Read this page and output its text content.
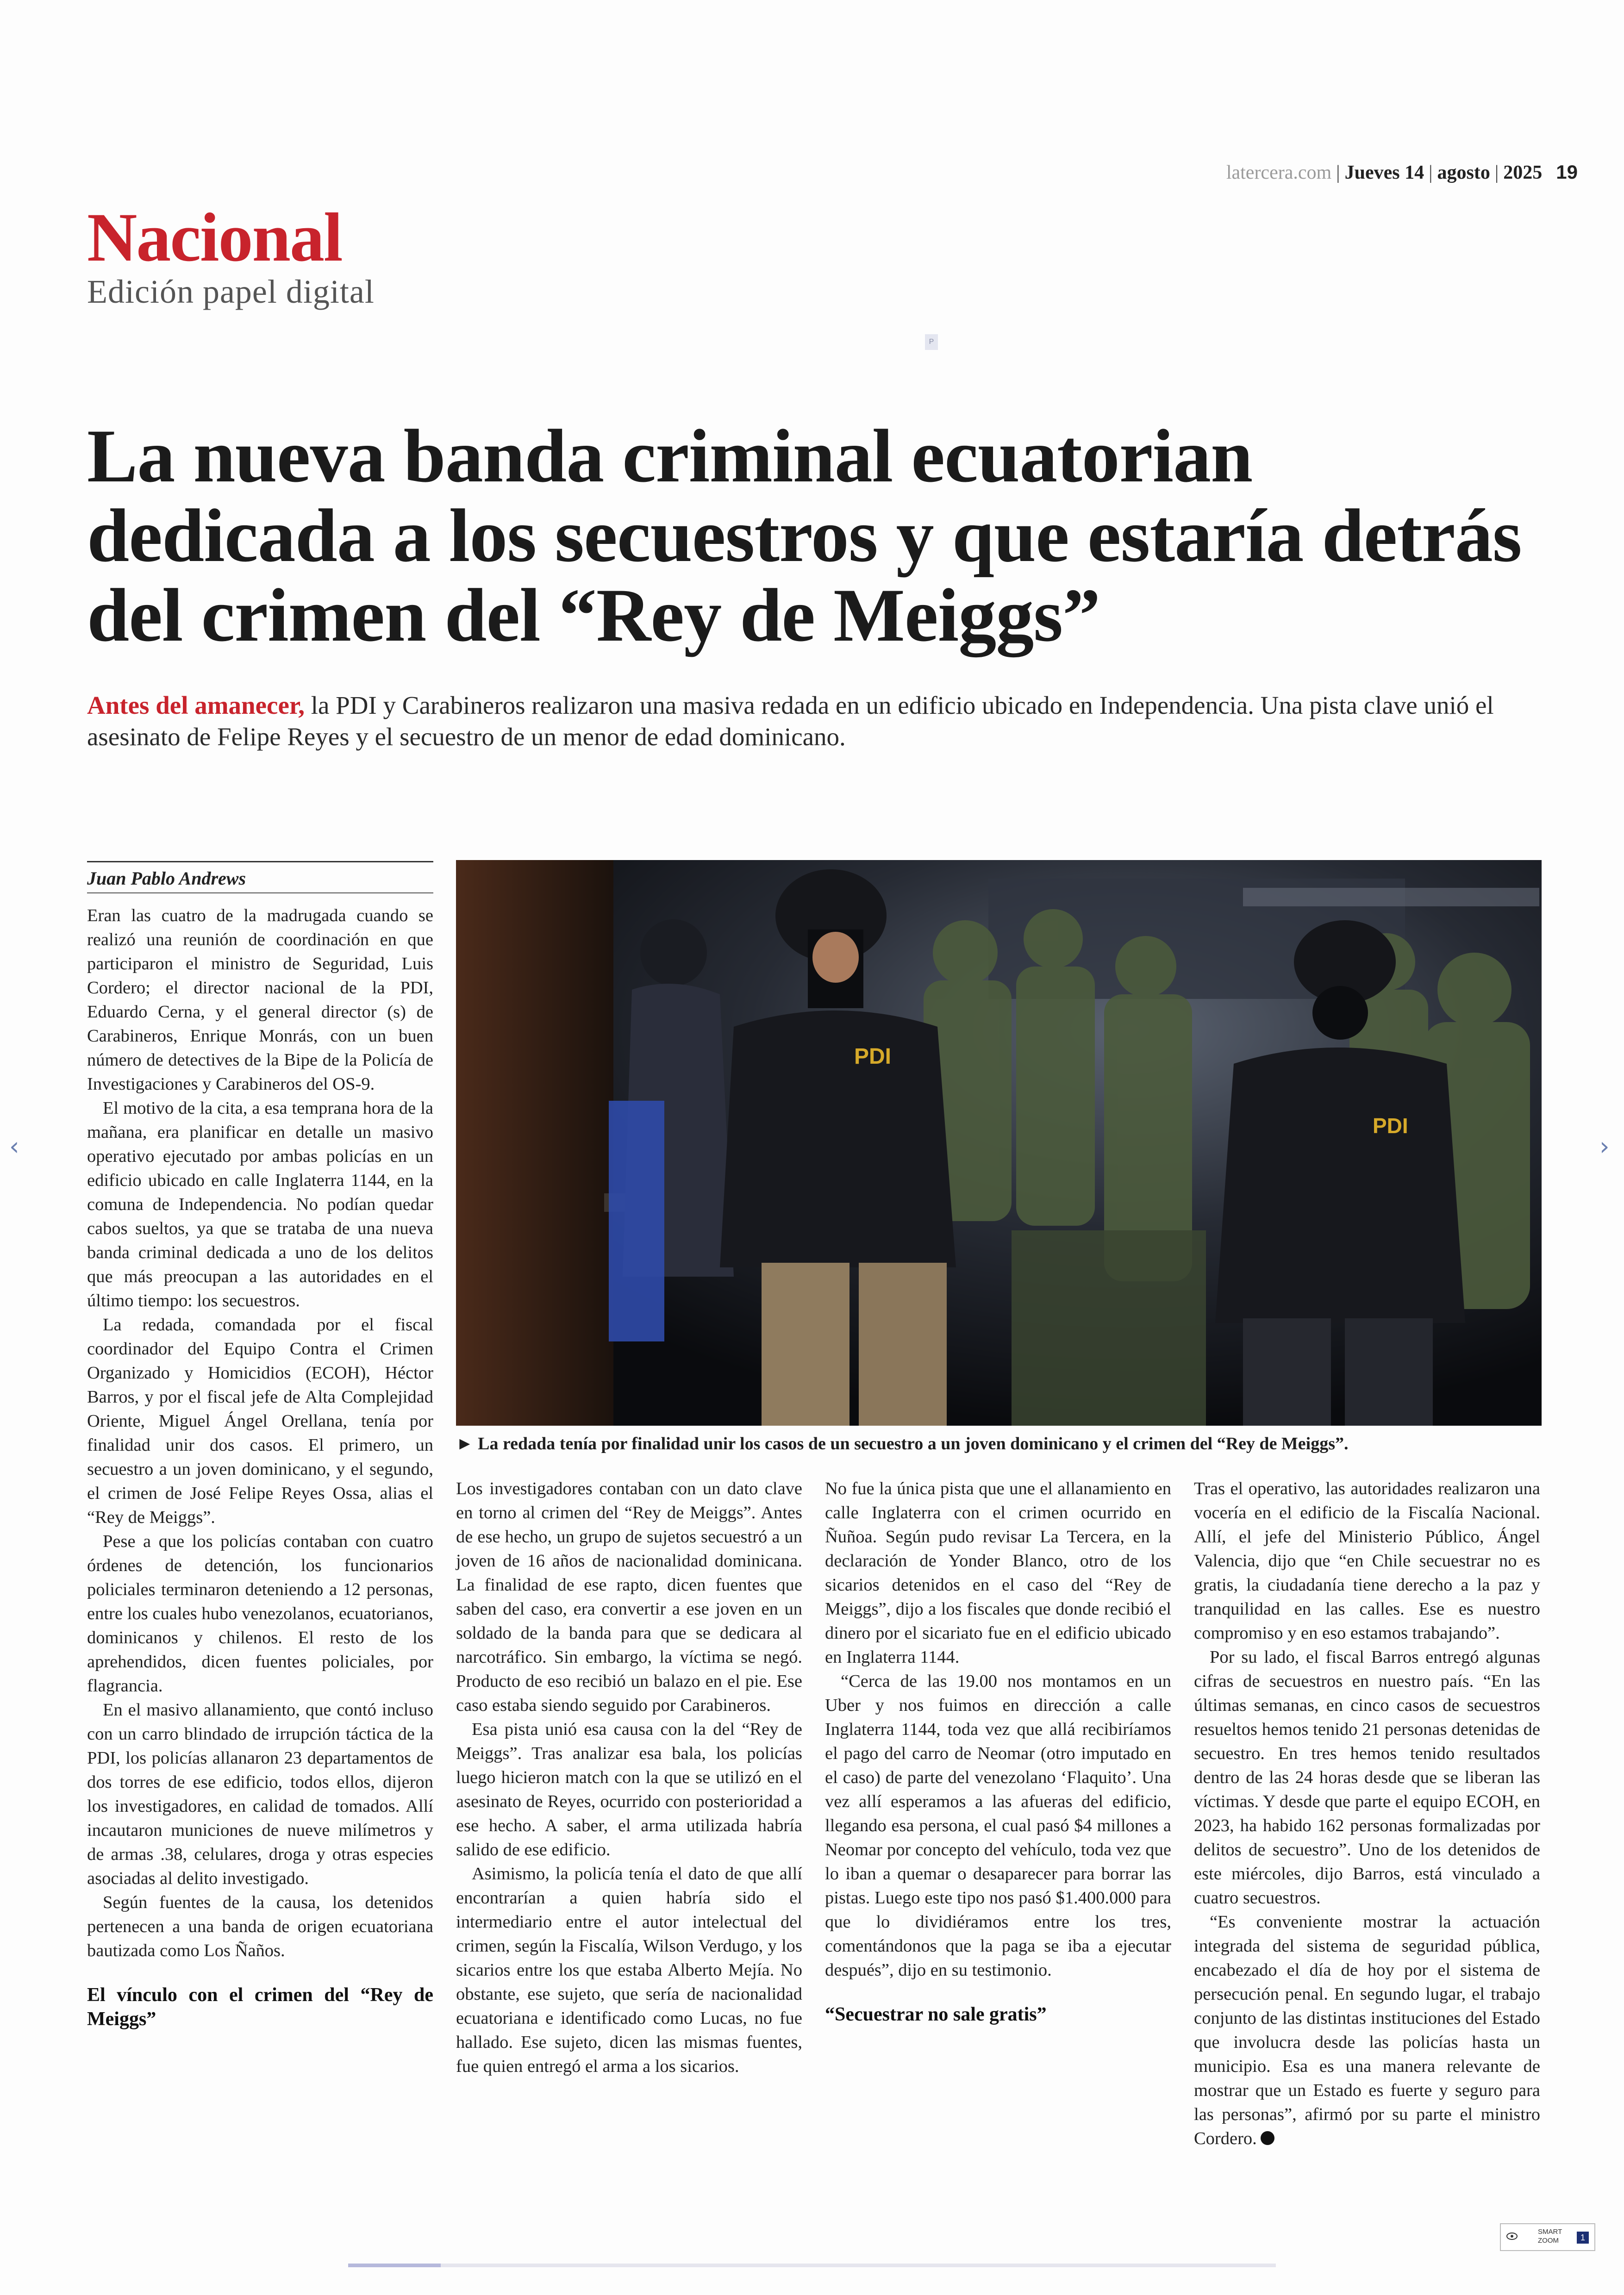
latercera.com | Jueves 14 | agosto | 2025 19
Nacional
Edición papel digital
P
La nueva banda criminal ecuatorian dedicada a los secuestros y que estaría detrás del crimen del “Rey de Meiggs”
Antes del amanecer, la PDI y Carabineros realizaron una masiva redada en un edificio ubicado en Independencia. Una pista clave unió el asesinato de Felipe Reyes y el secuestro de un menor de edad dominicano.
Juan Pablo Andrews

Eran las cuatro de la madrugada cuando se realizó una reunión de coordinación en que participaron el ministro de Seguridad, Luis Cordero; el director nacional de la PDI, Eduardo Cerna, y el general director (s) de Carabineros, Enrique Monrás, con un buen número de detectives de la Bipe de la Policía de Investigaciones y Carabineros del OS-9.

El motivo de la cita, a esa temprana hora de la mañana, era planificar en detalle un masivo operativo ejecutado por ambas policías en un edificio ubicado en calle Inglaterra 1144, en la comuna de Independencia. No podían quedar cabos sueltos, ya que se trataba de una nueva banda criminal dedicada a uno de los delitos que más preocupan a las autoridades en el último tiempo: los secuestros.

La redada, comandada por el fiscal coordinador del Equipo Contra el Crimen Organizado y Homicidios (ECOH), Héctor Barros, y por el fiscal jefe de Alta Complejidad Oriente, Miguel Ángel Orellana, tenía por finalidad unir dos casos. El primero, un secuestro a un joven dominicano, y el segundo, el crimen de José Felipe Reyes Ossa, alias el “Rey de Meiggs”.

Pese a que los policías contaban con cuatro órdenes de detención, los funcionarios policiales terminaron deteniendo a 12 personas, entre los cuales hubo venezolanos, ecuatorianos, dominicanos y chilenos. El resto de los aprehendidos, dicen fuentes policiales, por flagrancia.

En el masivo allanamiento, que contó incluso con un carro blindado de irrupción táctica de la PDI, los policías allanaron 23 departamentos de dos torres de ese edificio, todos ellos, dijeron los investigadores, en calidad de tomados. Allí incautaron municiones de nueve milímetros y de armas .38, celulares, droga y otras especies asociadas al delito investigado.

Según fuentes de la causa, los detenidos pertenecen a una banda de origen ecuatoriana bautizada como Los Ñaños.

El vínculo con el crimen del “Rey de Meiggs”

Los investigadores contaban con un dato clave en torno al crimen del “Rey de Meiggs”. Antes de ese hecho, un grupo de sujetos secuestró a un joven de 16 años de nacionalidad dominicana. La finalidad de ese rapto, dicen fuentes que saben del caso, era convertir a ese joven en un soldado de la banda para que se dedicara al narcotráfico. Sin embargo, la víctima se negó. Producto de eso recibió un balazo en el pie. Ese caso estaba siendo seguido por Carabineros.

Esa pista unió esa causa con la del “Rey de Meiggs”. Tras analizar esa bala, los policías luego hicieron match con la que se utilizó en el asesinato de Reyes, ocurrido con posterioridad a ese hecho. A saber, el arma utilizada habría salido de ese edificio.

Asimismo, la policía tenía el dato de que allí encontrarían a quien habría sido el intermediario entre el autor intelectual del crimen, según la Fiscalía, Wilson Verdugo, y los sicarios entre los que estaba Alberto Mejía. No obstante, ese sujeto, que sería de nacionalidad ecuatoriana e identificado como Lucas, no fue hallado. Ese sujeto, dicen las mismas fuentes, fue quien entregó el arma a los sicarios.

No fue la única pista que une el allanamiento en calle Inglaterra con el crimen ocurrido en Ñuñoa. Según pudo revisar La Tercera, en la declaración de Yonder Blanco, otro de los sicarios detenidos en el caso del “Rey de Meiggs”, dijo a los fiscales que donde recibió el dinero por el sicariato fue en el edificio ubicado en Inglaterra 1144.

“Cerca de las 19.00 nos montamos en un Uber y nos fuimos en dirección a calle Inglaterra 1144, toda vez que allá recibiríamos el pago del carro de Neomar (otro imputado en el caso) de parte del venezolano ‘Flaquito’. Una vez allí esperamos a las afueras del edificio, llegando esa persona, el cual pasó $4 millones a Neomar por concepto del vehículo, toda vez que lo iban a quemar o desaparecer para borrar las pistas. Luego este tipo nos pasó $1.400.000 para que lo dividiéramos entre los tres, comentándonos que la paga se iba a ejecutar después”, dijo en su testimonio.

“Secuestrar no sale gratis”

Tras el operativo, las autoridades realizaron una vocería en el edificio de la Fiscalía Nacional. Allí, el jefe del Ministerio Público, Ángel Valencia, dijo que “en Chile secuestrar no es gratis, la ciudadanía tiene derecho a la paz y tranquilidad en las calles. Ese es nuestro compromiso y en eso estamos trabajando”.

Por su lado, el fiscal Barros entregó algunas cifras de secuestros en nuestro país. “En las últimas semanas, en cinco casos de secuestros resueltos hemos tenido 21 personas detenidas de secuestro. En tres hemos tenido resultados dentro de las 24 horas desde que se liberan las víctimas. Y desde que parte el equipo ECOH, en 2023, ha habido 162 personas formalizadas por delitos de secuestro”. Uno de los detenidos de este miércoles, dijo Barros, está vinculado a cuatro secuestros.

“Es conveniente mostrar la actuación integrada del sistema de seguridad pública, encabezado el día de hoy por el sistema de persecución penal. En segundo lugar, el trabajo conjunto de las distintas instituciones del Estado que involucra desde las policías hasta un municipio. Esa es una manera relevante de mostrar que un Estado es fuerte y seguro para las personas”, afirmó por su parte el ministro Cordero.

PDI
PDI
► La redada tenía por finalidad unir los casos de un secuestro a un joven dominicano y el crimen del “Rey de Meiggs”.
‹	›
SMART
ZOOM	1
